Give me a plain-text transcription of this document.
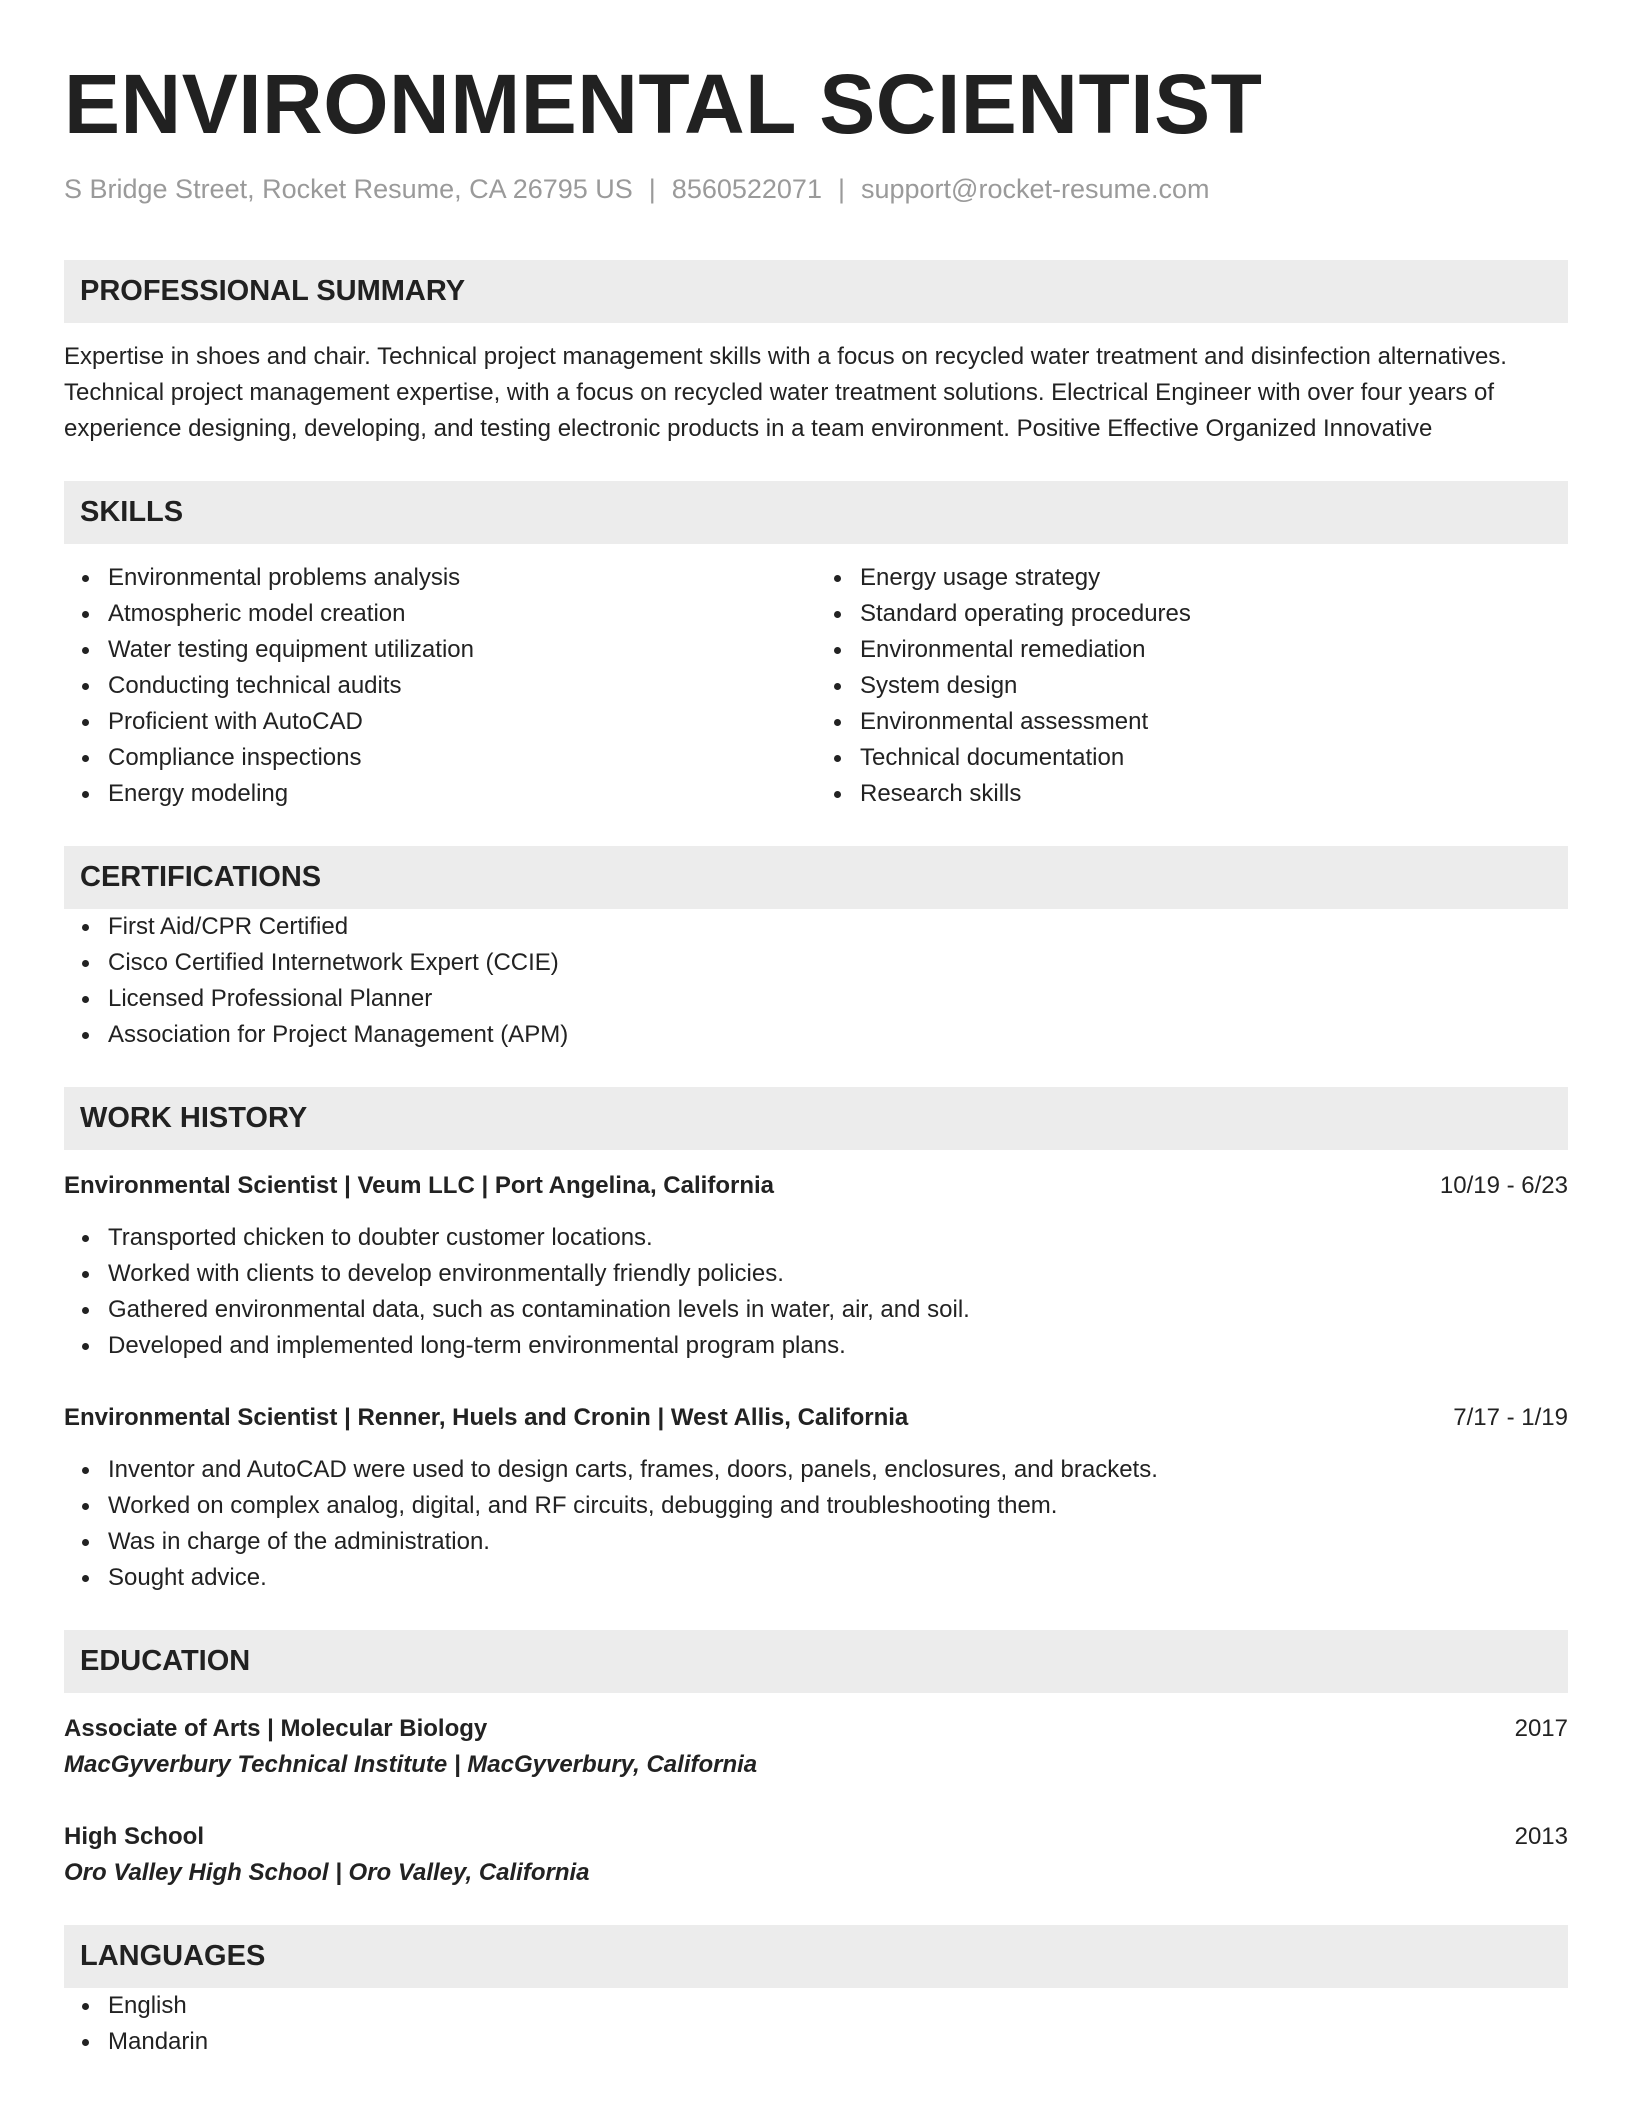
ENVIRONMENTAL SCIENTIST
S Bridge Street, Rocket Resume, CA 26795 US | 8560522071 | support@rocket-resume.com
PROFESSIONAL SUMMARY
Expertise in shoes and chair. Technical project management skills with a focus on recycled water treatment and disinfection alternatives. Technical project management expertise, with a focus on recycled water treatment solutions. Electrical Engineer with over four years of experience designing, developing, and testing electronic products in a team environment. Positive Effective Organized Innovative
SKILLS
Environmental problems analysis
Atmospheric model creation
Water testing equipment utilization
Conducting technical audits
Proficient with AutoCAD
Compliance inspections
Energy modeling
Energy usage strategy
Standard operating procedures
Environmental remediation
System design
Environmental assessment
Technical documentation
Research skills
CERTIFICATIONS
First Aid/CPR Certified
Cisco Certified Internetwork Expert (CCIE)
Licensed Professional Planner
Association for Project Management (APM)
WORK HISTORY
Environmental Scientist | Veum LLC | Port Angelina, California	10/19 - 6/23
Transported chicken to doubter customer locations.
Worked with clients to develop environmentally friendly policies.
Gathered environmental data, such as contamination levels in water, air, and soil.
Developed and implemented long-term environmental program plans.
Environmental Scientist | Renner, Huels and Cronin | West Allis, California	7/17 - 1/19
Inventor and AutoCAD were used to design carts, frames, doors, panels, enclosures, and brackets.
Worked on complex analog, digital, and RF circuits, debugging and troubleshooting them.
Was in charge of the administration.
Sought advice.
EDUCATION
Associate of Arts | Molecular Biology	2017
MacGyverbury Technical Institute | MacGyverbury, California
High School	2013
Oro Valley High School | Oro Valley, California
LANGUAGES
English
Mandarin
